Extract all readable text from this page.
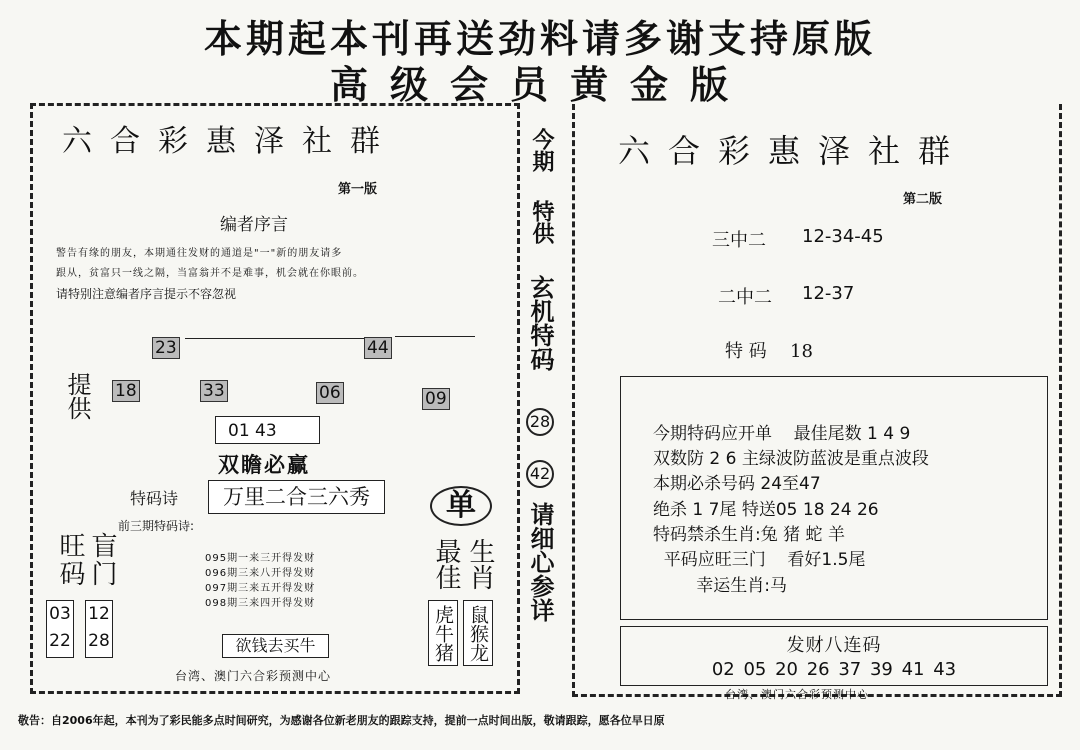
本期起本刊再送劲料请多谢支持原版
高级会员黄金版
六合彩惠泽社群
第一版
编者序言
警告有缘的朋友，本期通往发财的通道是"一"新的朋友请多
跟从，贫富只一线之隔，当富翁并不是难事，机会就在你眼前。
请特别注意编者序言提示不容忽视
23	44
提供 18	33	06	09
01 43
双瞻必赢
特码诗	万里二合三六秀
前三期特码诗:
095期一来三开得发财
096期三来八开得发财
097期三来五开得发财
098期三来四开得发财
旺码
03
22
盲门
12
28
单
最佳 生肖
虎牛猪 鼠猴龙
欲钱去买牛
台湾、澳门六合彩预测中心
今期
特供
玄机特码
28
42
请细心参详
六合彩惠泽社群
第二版
三中二 12-34-45
二中二 12-37
特 码 18
今期特码应开单    最佳尾数 1 4 9
双数防 2 6 主绿波防蓝波是重点波段
本期必杀号码 24至47
绝杀 1 7尾 特送05 18 24 26
特码禁杀生肖:兔 猪 蛇 羊
平码应旺三门    看好1.5尾
幸运生肖:马
发财八连码
02 05 20 26 37 39 41 43
台湾、澳门六合彩预测中心
敬告：自2006年起，本刊为了彩民能多点时间研究，为感谢各位新老朋友的跟踪支持，提前一点时间出版，敬请跟踪，愿各位早日原
